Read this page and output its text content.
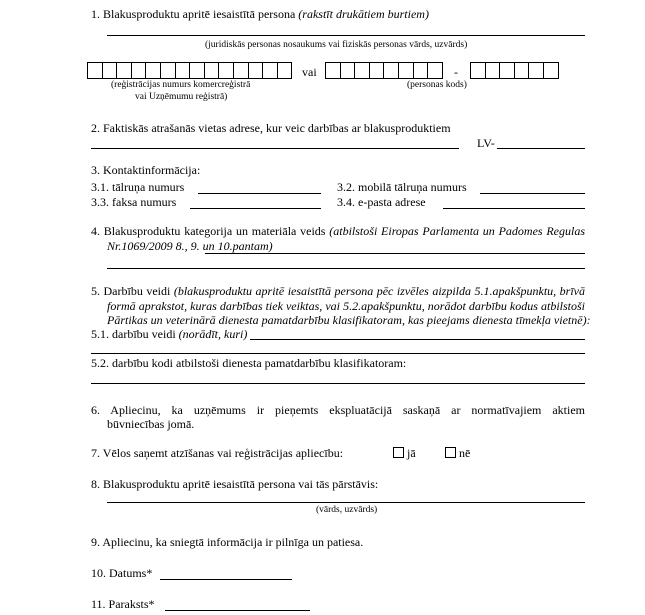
1. Blakusproduktu apritē iesaistītā persona (rakstīt drukātiem burtiem)
(juridiskās personas nosaukums vai fiziskās personas vārds, uzvārds)
vai	-
(reģistrācijas numurs komercreģistrā
vai Uzņēmumu reģistrā)
(personas kods)
2. Faktiskās atrašanās vietas adrese, kur veic darbības ar blakusproduktiem
LV-
3. Kontaktinformācija:
3.1. tālruņa numurs	3.2. mobilā tālruņa numurs
3.3. faksa numurs	3.4. e-pasta adrese
4. Blakusproduktu kategorija un materiāla veids (atbilstoši Eiropas Parlamenta un Padomes Regulas
Nr.1069/2009 8., 9. un 10.pantam)
5. Darbību veidi (blakusproduktu apritē iesaistītā persona pēc izvēles aizpilda 5.1.apakšpunktu, brīvā
formā aprakstot, kuras darbības tiek veiktas, vai 5.2.apakšpunktu, norādot darbību kodus atbilstoši
Pārtikas un veterinārā dienesta pamatdarbību klasifikatoram, kas pieejams dienesta tīmekļa vietnē):
5.1. darbību veidi (norādīt, kuri)
5.2. darbību kodi atbilstoši dienesta pamatdarbību klasifikatoram:
6. Apliecinu, ka uzņēmums ir pieņemts ekspluatācijā saskaņā ar normatīvajiem aktiem
būvniecības jomā.
7. Vēlos saņemt atzīšanas vai reģistrācijas apliecību:	jā	nē
8. Blakusproduktu apritē iesaistītā persona vai tās pārstāvis:
(vārds, uzvārds)
9. Apliecinu, ka sniegtā informācija ir pilnīga un patiesa.
10. Datums*
11. Paraksts*
